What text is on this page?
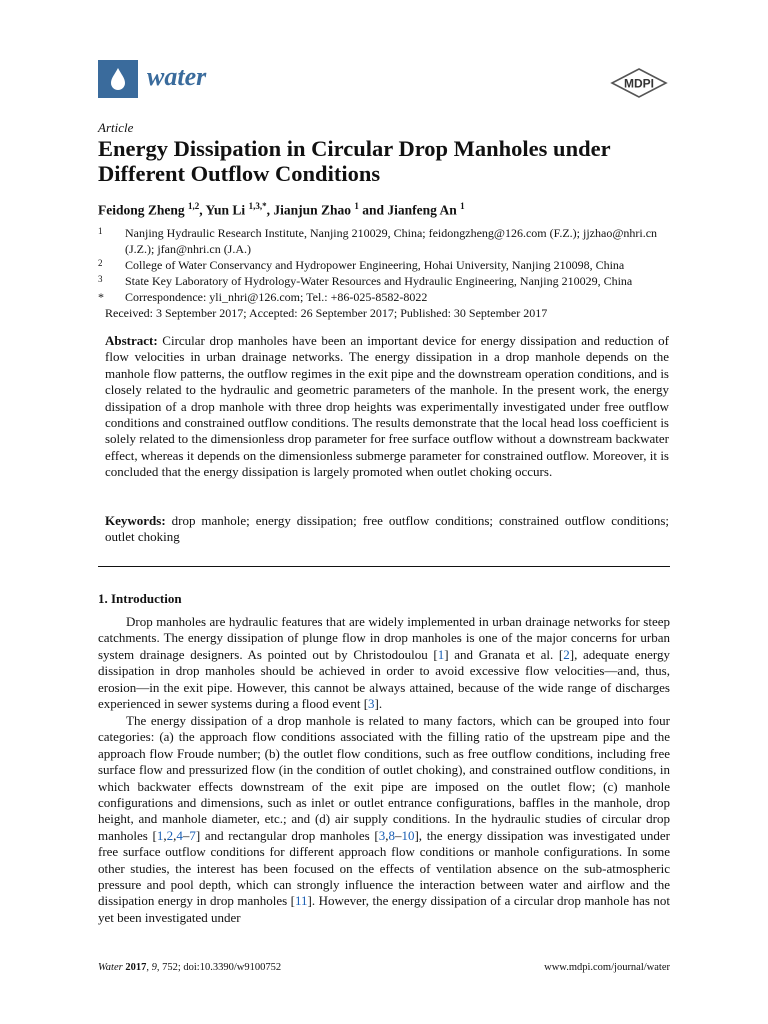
water	MDPI
Article
Energy Dissipation in Circular Drop Manholes under Different Outflow Conditions
Feidong Zheng $^{1,2}$, Yun Li $^{1,3,*}$, Jianjun Zhao $^1$ and Jianfeng An $^1$
1	Nanjing Hydraulic Research Institute, Nanjing 210029, China; feidongzheng@126.com (F.Z.); jjzhao@nhri.cn (J.Z.); jfan@nhri.cn (J.A.)
2	College of Water Conservancy and Hydropower Engineering, Hohai University, Nanjing 210098, China
3	State Key Laboratory of Hydrology-Water Resources and Hydraulic Engineering, Nanjing 210029, China
*	Correspondence: yli_nhri@126.com; Tel.: +86-025-8582-8022
Received: 3 September 2017; Accepted: 26 September 2017; Published: 30 September 2017
Abstract: Circular drop manholes have been an important device for energy dissipation and reduction of flow velocities in urban drainage networks. The energy dissipation in a drop manhole depends on the manhole flow patterns, the outflow regimes in the exit pipe and the downstream operation conditions, and is closely related to the hydraulic and geometric parameters of the manhole. In the present work, the energy dissipation of a drop manhole with three drop heights was experimentally investigated under free outflow conditions and constrained outflow conditions. The results demonstrate that the local head loss coefficient is solely related to the dimensionless drop parameter for free surface outflow without a downstream backwater effect, whereas it depends on the dimensionless submerge parameter for constrained outflow. Moreover, it is concluded that the energy dissipation is largely promoted when outlet choking occurs.
Keywords: drop manhole; energy dissipation; free outflow conditions; constrained outflow conditions; outlet choking
1. Introduction
Drop manholes are hydraulic features that are widely implemented in urban drainage networks for steep catchments. The energy dissipation of plunge flow in drop manholes is one of the major concerns for urban system drainage designers. As pointed out by Christodoulou [1] and Granata et al. [2], adequate energy dissipation in drop manholes should be achieved in order to avoid excessive flow velocities—and, thus, erosion—in the exit pipe. However, this cannot be always attained, because of the wide range of discharges experienced in sewer systems during a flood event [3].
The energy dissipation of a drop manhole is related to many factors, which can be grouped into four categories: (a) the approach flow conditions associated with the filling ratio of the upstream pipe and the approach flow Froude number; (b) the outlet flow conditions, such as free outflow conditions, including free surface flow and pressurized flow (in the condition of outlet choking), and constrained outflow conditions, in which backwater effects downstream of the exit pipe are imposed on the outlet flow; (c) manhole configurations and dimensions, such as inlet or outlet entrance configurations, baffles in the manhole, drop height, and manhole diameter, etc.; and (d) air supply conditions. In the hydraulic studies of circular drop manholes [1,2,4–7] and rectangular drop manholes [3,8–10], the energy dissipation was investigated under free surface outflow conditions for different approach flow conditions or manhole configurations. In some other studies, the interest has been focused on the effects of ventilation absence on the sub-atmospheric pressure and pool depth, which can strongly influence the interaction between water and airflow and the dissipation energy in drop manholes [11]. However, the energy dissipation of a circular drop manhole has not yet been investigated under
Water 2017, 9, 752; doi:10.3390/w9100752	www.mdpi.com/journal/water
